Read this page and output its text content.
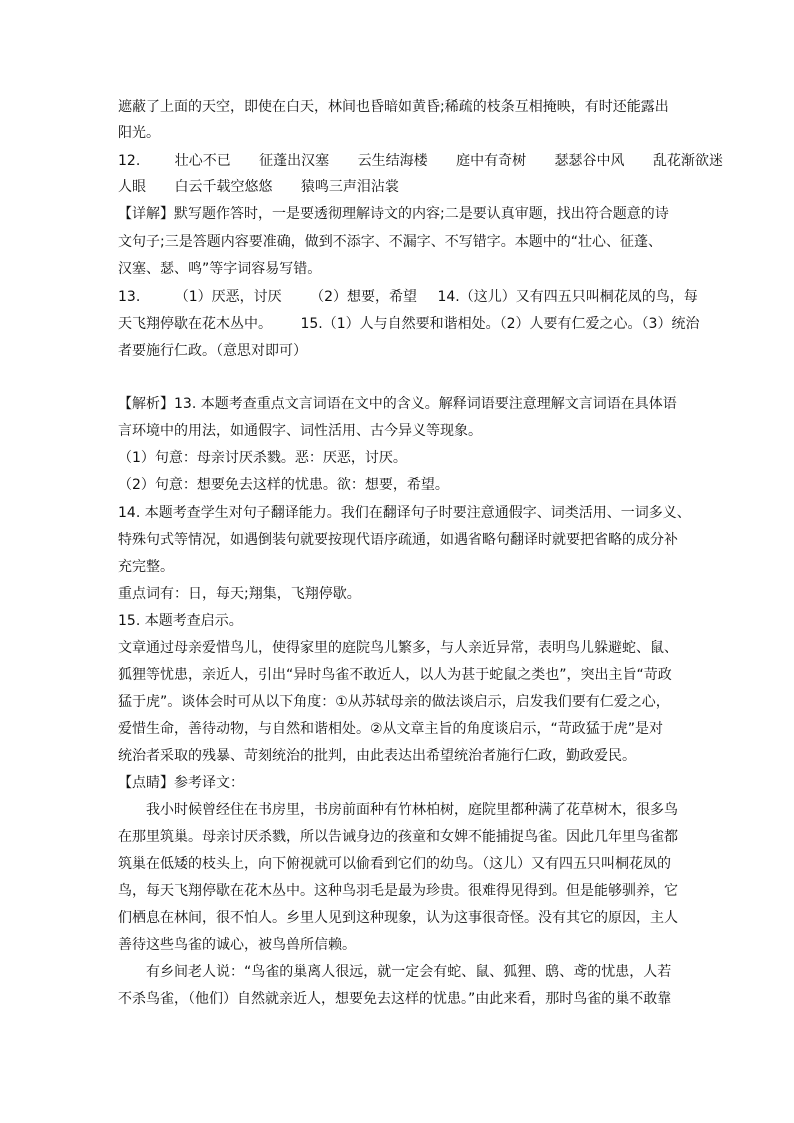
遮蔽了上面的天空，即使在白天，林间也昏暗如黄昏;稀疏的枝条互相掩映，有时还能露出
阳光。
12. 壮心不已 征蓬出汉塞 云生结海楼 庭中有奇树 瑟瑟谷中风 乱花渐欲迷
人眼 白云千载空悠悠 猿鸣三声泪沾裳
【详解】默写题作答时，一是要透彻理解诗文的内容;二是要认真审题，找出符合题意的诗
文句子;三是答题内容要准确，做到不添字、不漏字、不写错字。本题中的“壮心、征蓬、
汉塞、瑟、鸣”等字词容易写错。
13. （1）厌恶，讨厌 （2）想要，希望 14.（这儿）又有四五只叫桐花凤的鸟，每
天飞翔停歇在花木丛中。 15.（1）人与自然要和谐相处。（2）人要有仁爱之心。（3）统治
者要施行仁政。（意思对即可）
【解析】13. 本题考查重点文言词语在文中的含义。解释词语要注意理解文言词语在具体语
言环境中的用法，如通假字、词性活用、古今异义等现象。
（1）句意：母亲讨厌杀戮。恶：厌恶，讨厌。
（2）句意：想要免去这样的忧患。欲：想要，希望。
14. 本题考查学生对句子翻译能力。我们在翻译句子时要注意通假字、词类活用、一词多义、
特殊句式等情况，如遇倒装句就要按现代语序疏通，如遇省略句翻译时就要把省略的成分补
充完整。
重点词有：日，每天;翔集，飞翔停歇。
15. 本题考查启示。
文章通过母亲爱惜鸟儿，使得家里的庭院鸟儿繁多，与人亲近异常，表明鸟儿躲避蛇、鼠、
狐狸等忧患，亲近人，引出“异时鸟雀不敢近人，以人为甚于蛇鼠之类也”，突出主旨“苛政
猛于虎”。谈体会时可从以下角度：①从苏轼母亲的做法谈启示，启发我们要有仁爱之心，
爱惜生命，善待动物，与自然和谐相处。②从文章主旨的角度谈启示，“苛政猛于虎”是对
统治者采取的残暴、苛刻统治的批判，由此表达出希望统治者施行仁政，勤政爱民。
【点睛】参考译文：
我小时候曾经住在书房里，书房前面种有竹林柏树，庭院里都种满了花草树木，很多鸟
在那里筑巢。母亲讨厌杀戮，所以告诫身边的孩童和女婢不能捕捉鸟雀。因此几年里鸟雀都
筑巢在低矮的枝头上，向下俯视就可以偷看到它们的幼鸟。（这儿）又有四五只叫桐花凤的
鸟，每天飞翔停歇在花木丛中。这种鸟羽毛是最为珍贵。很难得见得到。但是能够驯养，它
们栖息在林间，很不怕人。乡里人见到这种现象，认为这事很奇怪。没有其它的原因，主人
善待这些鸟雀的诚心，被鸟兽所信赖。
有乡间老人说：“鸟雀的巢离人很远，就一定会有蛇、鼠、狐狸、鸱、鸢的忧患，人若
不杀鸟雀，（他们）自然就亲近人，想要免去这样的忧患。”由此来看，那时鸟雀的巢不敢靠
